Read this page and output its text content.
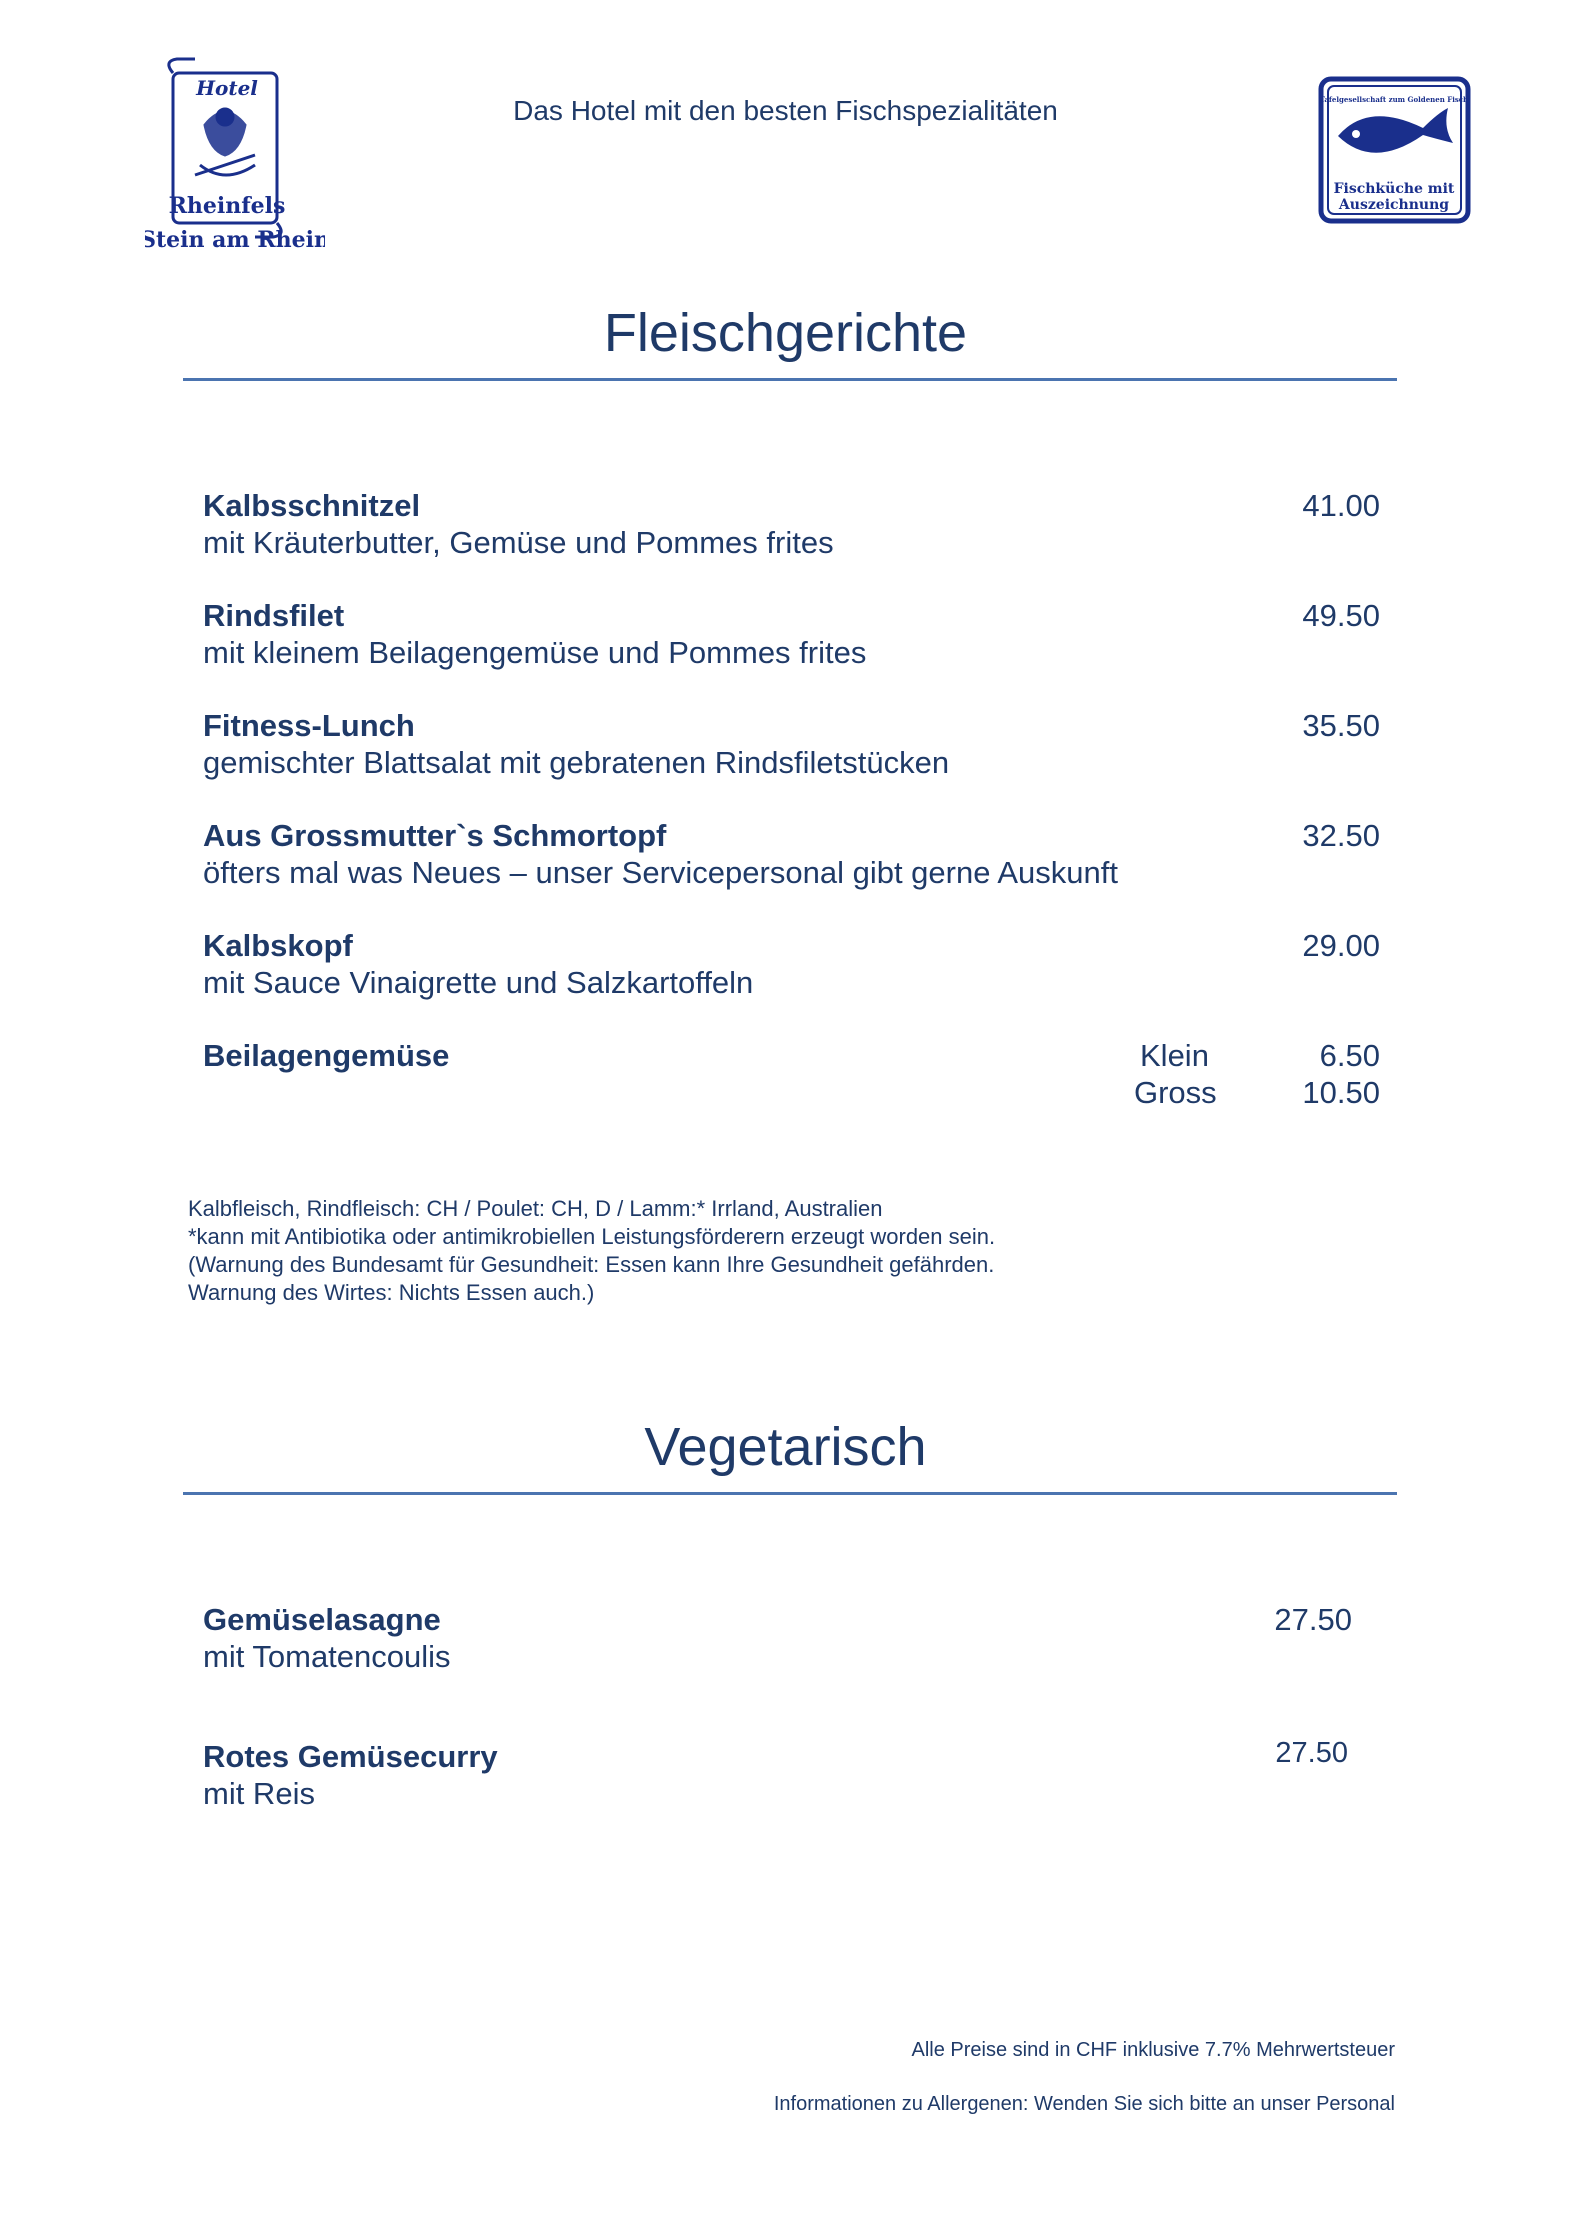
Hotel
Rheinfels
Stein am Rhein
Das Hotel mit den besten Fischspezialitäten	Tafelgesellschaft zum Goldenen Fisch
Fischküche mit
Auszeichnung
Fleischgerichte
Kalbsschnitzel	41.00
mit Kräuterbutter, Gemüse und Pommes frites
Rindsfilet	49.50
mit kleinem Beilagengemüse und Pommes frites
Fitness-Lunch	35.50
gemischter Blattsalat mit gebratenen Rindsfiletstücken
Aus Grossmutter`s Schmortopf	32.50
öfters mal was Neues – unser Servicepersonal gibt gerne Auskunft
Kalbskopf	29.00
mit Sauce Vinaigrette und Salzkartoffeln
Beilagengemüse	Klein	6.50
Gross	10.50
Kalbfleisch, Rindfleisch: CH / Poulet: CH, D / Lamm:* Irrland, Australien
*kann mit Antibiotika oder antimikrobiellen Leistungsförderern erzeugt worden sein.
(Warnung des Bundesamt für Gesundheit: Essen kann Ihre Gesundheit gefährden.
Warnung des Wirtes: Nichts Essen auch.)
Vegetarisch
Gemüselasagne	27.50
mit Tomatencoulis
Rotes Gemüsecurry	27.50
mit Reis
Alle Preise sind in CHF inklusive 7.7% Mehrwertsteuer
Informationen zu Allergenen: Wenden Sie sich bitte an unser Personal
